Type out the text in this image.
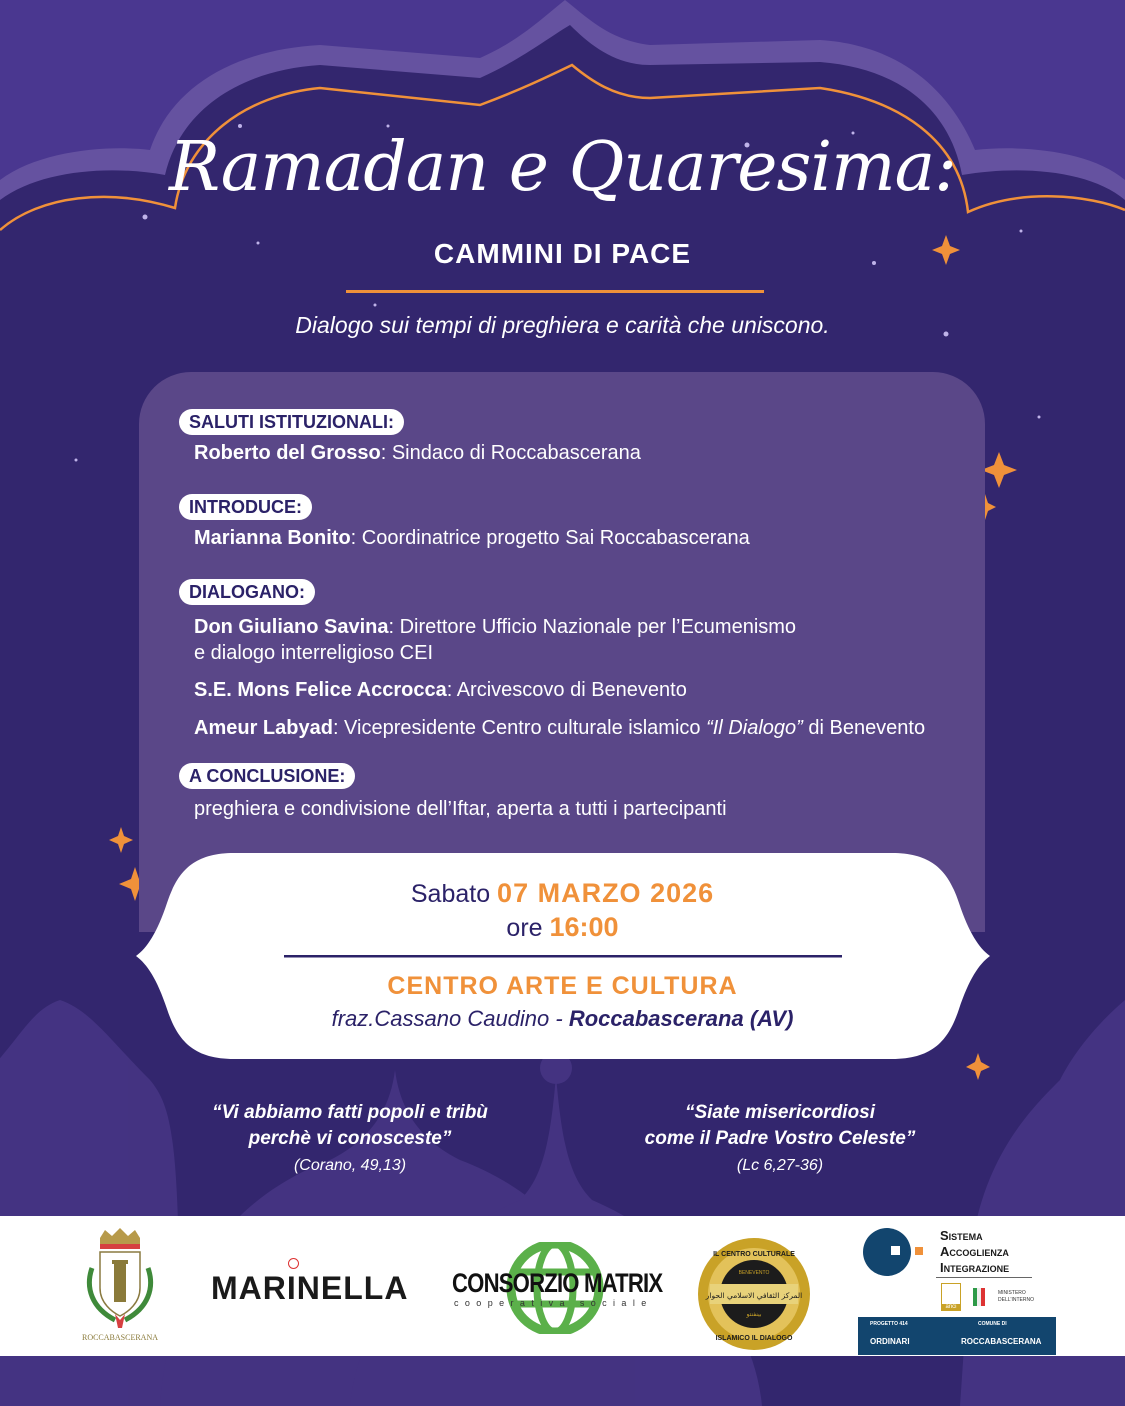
Ramadan e Quaresima:
CAMMINI DI PACE
Dialogo sui tempi di preghiera e carità che uniscono.
SALUTI ISTITUZIONALI:
Roberto del Grosso: Sindaco di Roccabascerana
INTRODUCE:
Marianna Bonito: Coordinatrice progetto Sai Roccabascerana
DIALOGANO:
Don Giuliano Savina: Direttore Ufficio Nazionale per l’Ecumenismo
e dialogo interreligioso CEI
S.E. Mons Felice Accrocca: Arcivescovo di Benevento
Ameur Labyad: Vicepresidente Centro culturale islamico “Il Dialogo” di Benevento
A CONCLUSIONE:
preghiera e condivisione dell’Iftar, aperta a tutti i partecipanti
Sabato 07 MARZO 2026
ore 16:00
CENTRO ARTE E CULTURA
fraz.Cassano Caudino - Roccabascerana (AV)
“Vi abbiamo fatti popoli e tribù
perchè vi conosceste”
(Corano, 49,13)
“Siate misericordiosi
come il Padre Vostro Celeste”
(Lc 6,27-36)
ROCCABASCERANA
MARINELLA CONSORZIO MATRIX
cooperativa sociale
المركز الثقافي الاسلامي الحوار
IL CENTRO CULTURALE
BENEVENTO
بينفنتو
ISLAMICO IL DIALOGO
Sistema
Accoglienza
Integrazione
anci
MINISTERO DELL'INTERNO
PROGETTO 414
ORDINARI
COMUNE DI
ROCCABASCERANA
